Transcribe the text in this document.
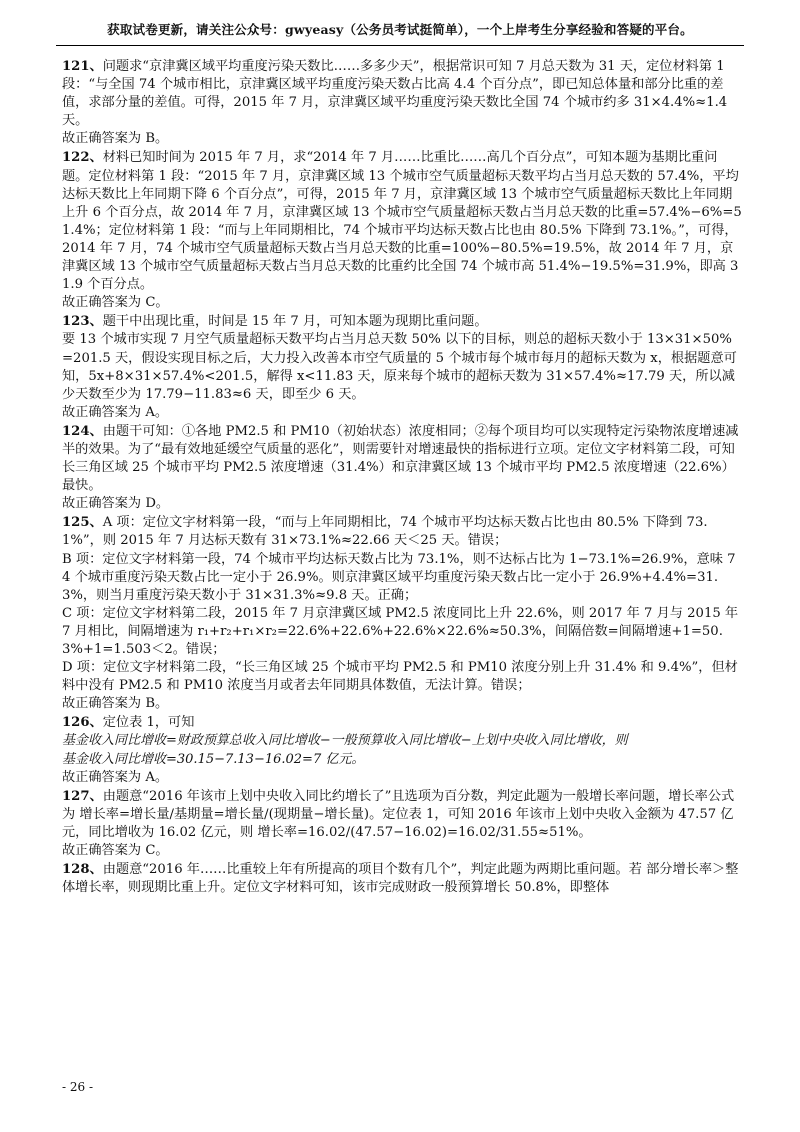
获取试卷更新，请关注公众号：gwyeasy（公务员考试挺简单），一个上岸考生分享经验和答疑的平台。

121、问题求“京津冀区域平均重度污染天数比……多多少天”，根据常识可知 7 月总天数为 31 天，定位材料第 1 段：“与全国 74 个城市相比，京津冀区域平均重度污染天数占比高 4.4 个百分点”，即已知总体量和部分比重的差值，求部分量的差值。可得，2015 年 7 月，京津冀区域平均重度污染天数比全国 74 个城市约多 31×4.4%≈1.4 天。

故正确答案为 B。

122、材料已知时间为 2015 年 7 月，求“2014 年 7 月……比重比……高几个百分点”，可知本题为基期比重问题。定位材料第 1 段：“2015 年 7 月，京津冀区域 13 个城市空气质量超标天数平均占当月总天数的 57.4%，平均达标天数比上年同期下降 6 个百分点”，可得，2015 年 7 月，京津冀区域 13 个城市空气质量超标天数比上年同期上升 6 个百分点，故 2014 年 7 月，京津冀区域 13 个城市空气质量超标天数占当月总天数的比重=57.4%−6%=51.4%；定位材料第 1 段：“而与上年同期相比，74 个城市平均达标天数占比也由 80.5% 下降到 73.1%。”，可得，2014 年 7 月，74 个城市空气质量超标天数占当月总天数的比重=100%−80.5%=19.5%，故 2014 年 7 月，京津冀区域 13 个城市空气质量超标天数占当月总天数的比重约比全国 74 个城市高 51.4%−19.5%=31.9%，即高 31.9 个百分点。

故正确答案为 C。

123、题干中出现比重，时间是 15 年 7 月，可知本题为现期比重问题。

要 13 个城市实现 7 月空气质量超标天数平均占当月总天数 50% 以下的目标，则总的超标天数小于 13×31×50%=201.5 天，假设实现目标之后，大力投入改善本市空气质量的 5 个城市每个城市每月的超标天数为 x，根据题意可知，5x+8×31×57.4%<201.5，解得 x<11.83 天，原来每个城市的超标天数为 31×57.4%≈17.79 天，所以减少天数至少为 17.79−11.83≈6 天，即至少 6 天。

故正确答案为 A。

124、由题干可知：①各地 PM2.5 和 PM10（初始状态）浓度相同；②每个项目均可以实现特定污染物浓度增速减半的效果。为了“最有效地延缓空气质量的恶化”，则需要针对增速最快的指标进行立项。定位文字材料第二段，可知长三角区域 25 个城市平均 PM2.5 浓度增速（31.4%）和京津冀区域 13 个城市平均 PM2.5 浓度增速（22.6%）最快。

故正确答案为 D。

125、A 项：定位文字材料第一段，“而与上年同期相比，74 个城市平均达标天数占比也由 80.5% 下降到 73.1%”，则 2015 年 7 月达标天数有 31×73.1%≈22.66 天＜25 天。错误；

B 项：定位文字材料第一段，74 个城市平均达标天数占比为 73.1%，则不达标占比为 1−73.1%=26.9%，意味 74 个城市重度污染天数占比一定小于 26.9%。则京津冀区域平均重度污染天数占比一定小于 26.9%+4.4%=31.3%，则当月重度污染天数小于 31×31.3%≈9.8 天。正确；

C 项：定位文字材料第二段，2015 年 7 月京津冀区域 PM2.5 浓度同比上升 22.6%，则 2017 年 7 月与 2015 年 7 月相比，间隔增速为 r₁+r₂+r₁×r₂=22.6%+22.6%+22.6%×22.6%≈50.3%，间隔倍数=间隔增速+1=50.3%+1=1.503＜2。错误；

D 项：定位文字材料第二段，“长三角区域 25 个城市平均 PM2.5 和 PM10 浓度分别上升 31.4% 和 9.4%”，但材料中没有 PM2.5 和 PM10 浓度当月或者去年同期具体数值，无法计算。错误；

故正确答案为 B。

126、定位表 1，可知

基金收入同比增收=财政预算总收入同比增收−一般预算收入同比增收−上划中央收入同比增收，则

基金收入同比增收=30.15−7.13−16.02=7 亿元。

故正确答案为 A。

127、由题意“2016 年该市上划中央收入同比约增长了”且选项为百分数，判定此题为一般增长率问题，增长率公式为 增长率=增长量/基期量=增长量/(现期量−增长量)。定位表 1，可知 2016 年该市上划中央收入金额为 47.57 亿元，同比增收为 16.02 亿元，则 增长率=16.02/(47.57−16.02)=16.02/31.55≈51%。

故正确答案为 C。

128、由题意“2016 年……比重较上年有所提高的项目个数有几个”，判定此题为两期比重问题。若 部分增长率＞整体增长率，则现期比重上升。定位文字材料可知，该市完成财政一般预算增长 50.8%，即整体

- 26 -
